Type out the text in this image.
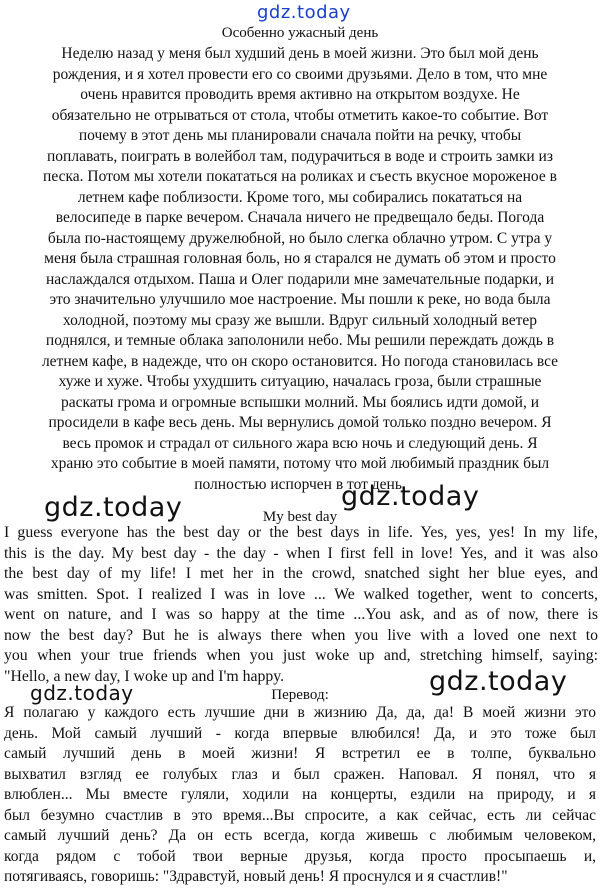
gdz.today
Особенно ужасный день
Неделю назад у меня был худший день в моей жизни. Это был мой день
рождения, и я хотел провести его со своими друзьями. Дело в том, что мне
очень нравится проводить время активно на открытом воздухе. Не
обязательно не отрываться от стола, чтобы отметить какое-то событие. Вот
почему в этот день мы планировали сначала пойти на речку, чтобы
поплавать, поиграть в волейбол там, подурачиться в воде и строить замки из
песка. Потом мы хотели покататься на роликах и съесть вкусное мороженое в
летнем кафе поблизости. Кроме того, мы собирались покататься на
велосипеде в парке вечером. Сначала ничего не предвещало беды. Погода
была по-настоящему дружелюбной, но было слегка облачно утром. С утра у
меня была страшная головная боль, но я старался не думать об этом и просто
наслаждался отдыхом. Паша и Олег подарили мне замечательные подарки, и
это значительно улучшило мое настроение. Мы пошли к реке, но вода была
холодной, поэтому мы сразу же вышли. Вдруг сильный холодный ветер
поднялся, и темные облака заполонили небо. Мы решили переждать дождь в
летнем кафе, в надежде, что он скоро остановится. Но погода становилась все
хуже и хуже. Чтобы ухудшить ситуацию, началась гроза, были страшные
раскаты грома и огромные вспышки молний. Мы боялись идти домой, и
просидели в кафе весь день. Мы вернулись домой только поздно вечером. Я
весь промок и страдал от сильного жара всю ночь и следующий день. Я
храню это событие в моей памяти, потому что мой любимый праздник был
полностью испорчен в тот день.
gdz.today	gdz.today
My best day
I guess everyone has the best day or the best days in life. Yes, yes, yes! In my life,
this is the day. My best day - the day - when I first fell in love! Yes, and it was also
the best day of my life! I met her in the crowd, snatched sight her blue eyes, and
was smitten. Spot. I realized I was in love ... We walked together, went to concerts,
went on nature, and I was so happy at the time ...You ask, and as of now, there is
now the best day? But he is always there when you live with a loved one next to
you when your true friends when you just woke up and, stretching himself, saying:
"Hello, a new day, I woke up and I'm happy.
gdz.today	gdz.today
Перевод:
Я полагаю у каждого есть лучшие дни в жизнию Да, да, да! В моей жизни это
день. Мой самый лучший - когда впервые влюбился! Да, и это тоже был
самый лучший день в моей жизни! Я встретил ее в толпе, буквально
выхватил взгляд ее голубых глаз и был сражен. Наповал. Я понял, что я
влюблен... Мы вместе гуляли, ходили на концерты, ездили на природу, и я
был безумно счастлив в это время...Вы спросите, а как сейчас, есть ли сейчас
самый лучший день? Да он есть всегда, когда живешь с любимым человеком,
когда рядом с тобой твои верные друзья, когда просто просыпаешь и,
потягиваясь, говоришь: "Здравстуй, новый день! Я проснулся и я счастлив!"
